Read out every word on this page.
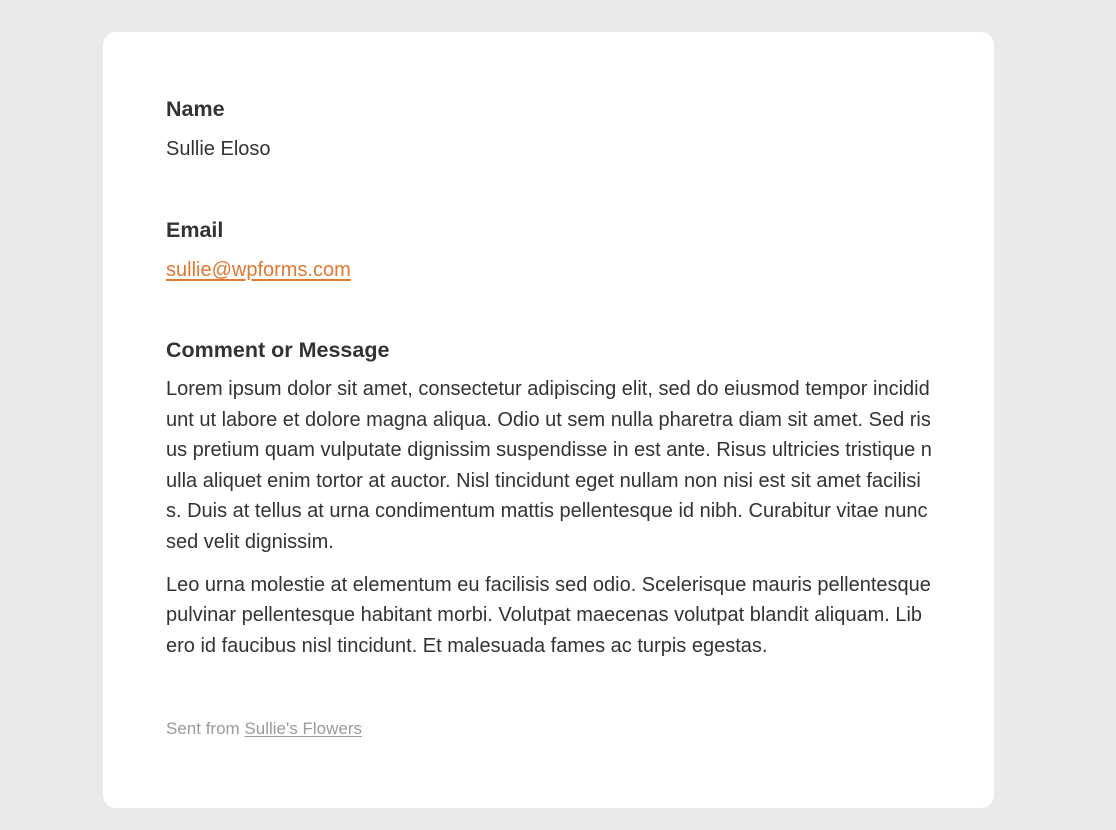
Name

Sullie Eloso

Email

sullie@wpforms.com

Comment or Message

Lorem ipsum dolor sit amet, consectetur adipiscing elit, sed do eiusmod tempor incididunt ut labore et dolore magna aliqua. Odio ut sem nulla pharetra diam sit amet. Sed risus pretium quam vulputate dignissim suspendisse in est ante. Risus ultricies tristique nulla aliquet enim tortor at auctor. Nisl tincidunt eget nullam non nisi est sit amet facilisis. Duis at tellus at urna condimentum mattis pellentesque id nibh. Curabitur vitae nunc sed velit dignissim.

Leo urna molestie at elementum eu facilisis sed odio. Scelerisque mauris pellentesque pulvinar pellentesque habitant morbi. Volutpat maecenas volutpat blandit aliquam. Libero id faucibus nisl tincidunt. Et malesuada fames ac turpis egestas.

Sent from Sullie's Flowers
